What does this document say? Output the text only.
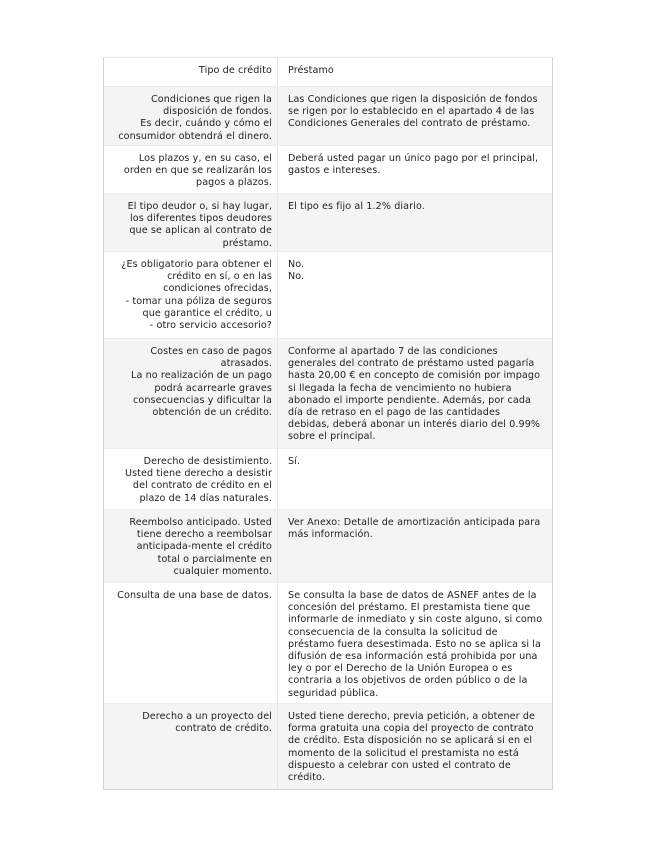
Tipo de crédito	Préstamo
Condiciones que rigen la disposición de fondos.
Es decir, cuándo y cómo el consumidor obtendrá el dinero.
Las Condiciones que rigen la disposición de fondos se rigen por lo establecido en el apartado 4 de las Condiciones Generales del contrato de préstamo.
Los plazos y, en su caso, el orden en que se realizarán los pagos a plazos.
Deberá usted pagar un único pago por el principal, gastos e intereses.
El tipo deudor o, si hay lugar, los diferentes tipos deudores que se aplican al contrato de préstamo.
El tipo es fijo al 1.2% diario.
¿Es obligatorio para obtener el crédito en sí, o en las condiciones ofrecidas,
- tomar una póliza de seguros que garantice el crédito, u
- otro servicio accesorio?
No.
No.
Costes en caso de pagos atrasados.
La no realización de un pago podrá acarrearle graves consecuencias y dificultar la obtención de un crédito.
Conforme al apartado 7 de las condiciones generales del contrato de préstamo usted pagaría hasta 20,00 € en concepto de comisión por impago si llegada la fecha de vencimiento no hubiera abonado el importe pendiente. Además, por cada día de retraso en el pago de las cantidades debidas, deberá abonar un interés diario del 0.99% sobre el principal.
Derecho de desistimiento.
Usted tiene derecho a desistir del contrato de crédito en el plazo de 14 días naturales.
Sí.
Reembolso anticipado. Usted tiene derecho a reembolsar anticipada-mente el crédito total o parcialmente en cualquier momento.
Ver Anexo: Detalle de amortización anticipada para más información.
Consulta de una base de datos.	Se consulta la base de datos de ASNEF antes de la concesión del préstamo. El prestamista tiene que informarle de inmediato y sin coste alguno, si como consecuencia de la consulta la solicitud de préstamo fuera desestimada. Esto no se aplica si la difusión de esa información está prohibida por una ley o por el Derecho de la Unión Europea o es contraria a los objetivos de orden público o de la seguridad pública.
Derecho a un proyecto del contrato de crédito.
Usted tiene derecho, previa petición, a obtener de forma gratuita una copia del proyecto de contrato de crédito. Esta disposición no se aplicará si en el momento de la solicitud el prestamista no está dispuesto a celebrar con usted el contrato de crédito.
